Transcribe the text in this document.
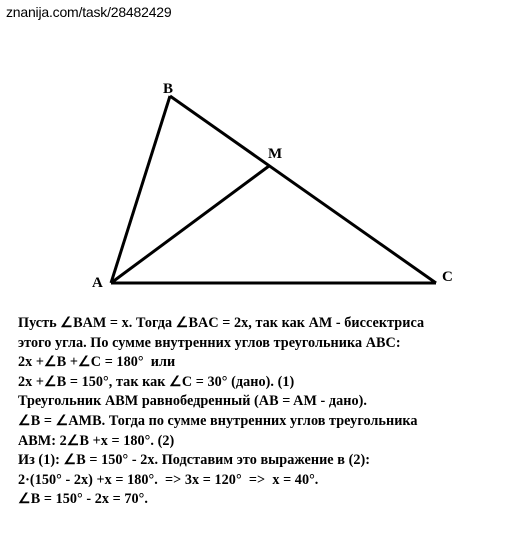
znanija.com/task/28482429
B
M
A	C
Пусть ∠BAM = x. Тогда ∠BAC = 2x, так как AM - биссектриса
этого угла. По сумме внутренних углов треугольника ABC:
2x +∠B +∠C = 180°  или
2x +∠B = 150°, так как ∠C = 30° (дано). (1)
Треугольник ABM равнобедренный (AB = AM - дано).
∠B = ∠AMB. Тогда по сумме внутренних углов треугольника
ABM: 2∠B +x = 180°. (2)
Из (1): ∠B = 150° - 2x. Подставим это выражение в (2):
2·(150° - 2x) +x = 180°.  => 3x = 120°  =>  x = 40°.
∠B = 150° - 2x = 70°.
